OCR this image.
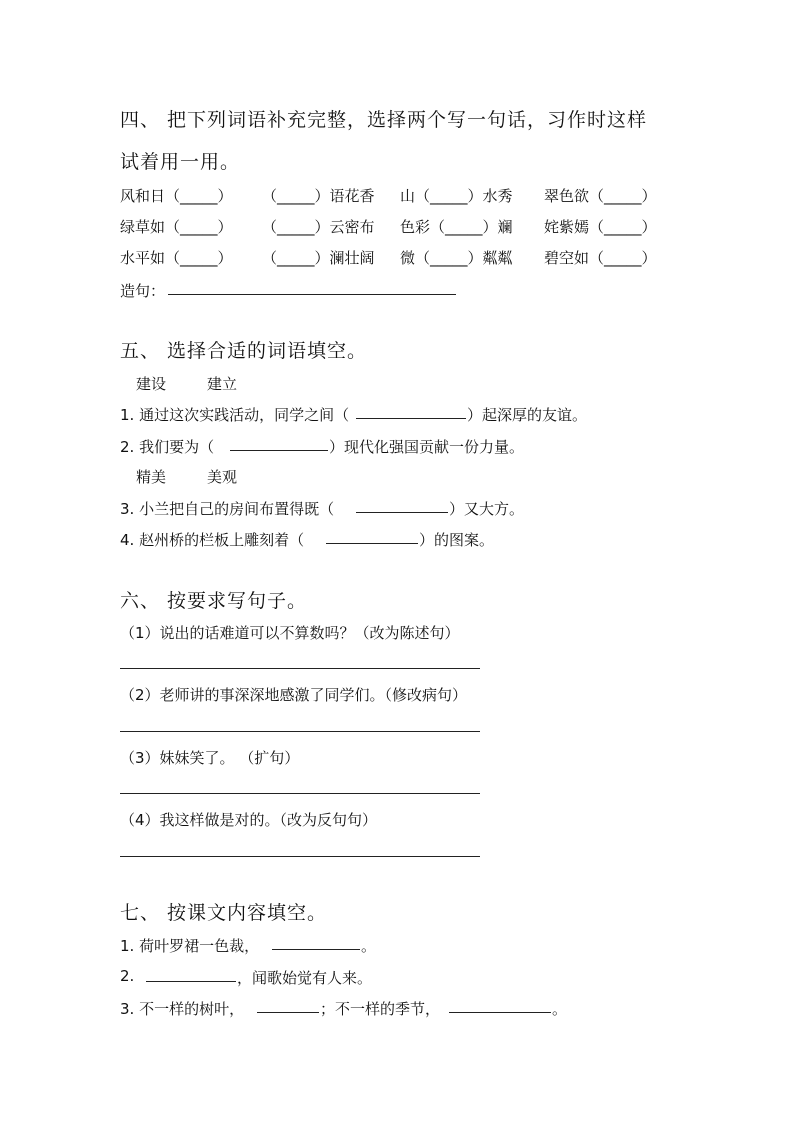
四、 把下列词语补充完整，选择两个写一句话，习作时这样
试着用一用。
风和日（_____） （_____）语花香 山（_____）水秀 翠色欲（_____）
绿草如（_____） （_____）云密布 色彩（_____）斓 姹紫嫣（_____）
水平如（_____） （_____）澜壮阔 微（_____）粼粼 碧空如（_____）
造句：
五、 选择合适的词语填空。
建设	建立
1. 通过这次实践活动，同学之间（	）起深厚的友谊。
2. 我们要为（	）现代化强国贡献一份力量。
精美	美观
3. 小兰把自己的房间布置得既（	）又大方。
4. 赵州桥的栏板上雕刻着（	）的图案。
六、 按要求写句子。
（1）说出的话难道可以不算数吗？（改为陈述句）
（2）老师讲的事深深地感激了同学们。（修改病句）
（3）妹妹笑了。 （扩句）
（4）我这样做是对的。（改为反句句）
七、 按课文内容填空。
1. 荷叶罗裙一色裁，	。
2.	，闻歌始觉有人来。
3. 不一样的树叶，	；不一样的季节，	。
